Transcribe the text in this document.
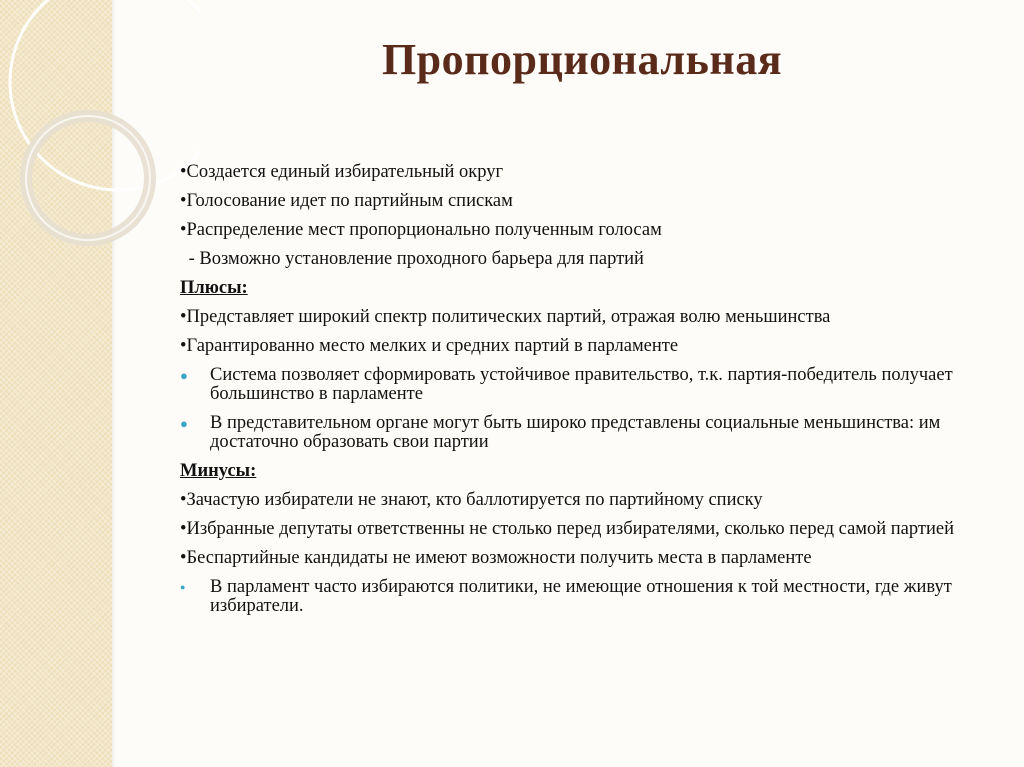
Пропорциональная
•Создается единый избирательный округ
•Голосование идет по партийным спискам
•Распределение мест пропорционально полученным голосам
- Возможно установление проходного барьера для партий
Плюсы:
•Представляет широкий спектр политических партий, отражая волю меньшинства
•Гарантированно место мелких и средних партий в парламенте
● Система позволяет сформировать устойчивое правительство, т.к. партия-победитель получает большинство в парламенте
● В представительном органе могут быть широко представлены социальные меньшинства: им достаточно образовать свои партии
Минусы:
•Зачастую избиратели не знают, кто баллотируется по партийному списку
•Избранные депутаты ответственны не столько перед избирателями, сколько перед самой партией
•Беспартийные кандидаты не имеют возможности получить места в парламенте
● В парламент часто избираются политики, не имеющие отношения к той местности, где живут избиратели.
